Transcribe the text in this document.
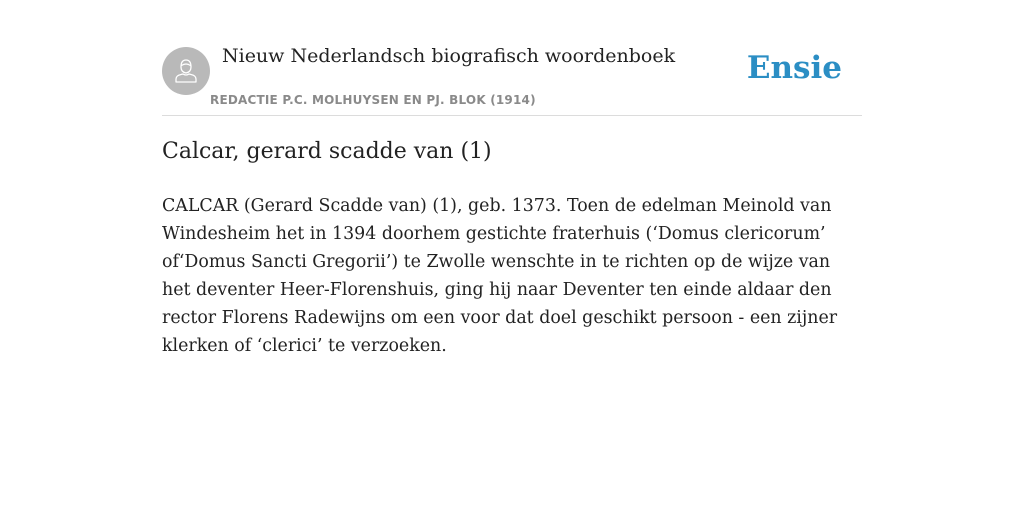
Nieuw Nederlandsch biografisch woordenboek
REDACTIE P.C. MOLHUYSEN EN PJ. BLOK (1914)
Ensie
Calcar, gerard scadde van (1)

CALCAR (Gerard Scadde van) (1), geb. 1373. Toen de edelman Meinold van Windesheim het in 1394 doorhem gestichte fraterhuis (‘Domus clericorum’ of‘Domus Sancti Gregorii’) te Zwolle wenschte in te richten op de wijze van het deventer Heer-Florenshuis, ging hij naar Deventer ten einde aldaar den rector Florens Radewijns om een voor dat doel geschikt persoon - een zijner klerken of ‘clerici’ te verzoeken.
